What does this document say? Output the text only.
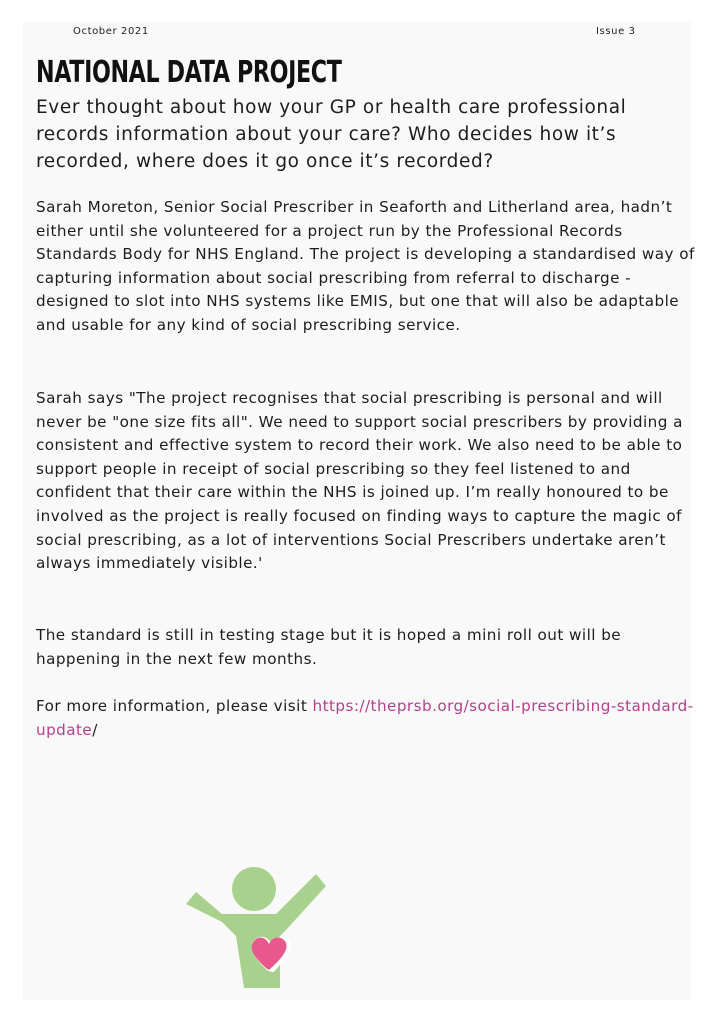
October 2021	Issue 3
NATIONAL DATA PROJECT

Ever thought about how your GP or health care professional records information about your care? Who decides how it’s recorded, where does it go once it’s recorded?

Sarah Moreton, Senior Social Prescriber in Seaforth and Litherland area, hadn’t either until she volunteered for a project run by the Professional Records Standards Body for NHS England. The project is developing a standardised way of capturing information about social prescribing from referral to discharge - designed to slot into NHS systems like EMIS, but one that will also be adaptable and usable for any kind of social prescribing service.

Sarah says "The project recognises that social prescribing is personal and will never be "one size fits all". We need to support social prescribers by providing a consistent and effective system to record their work. We also need to be able to support people in receipt of social prescribing so they feel listened to and confident that their care within the NHS is joined up. I’m really honoured to be involved as the project is really focused on finding ways to capture the magic of social prescribing, as a lot of interventions Social Prescribers undertake aren’t always immediately visible.'

The standard is still in testing stage but it is hoped a mini roll out will be happening in the next few months.

For more information, please visit https://theprsb.org/social-prescribing-standard-update/
